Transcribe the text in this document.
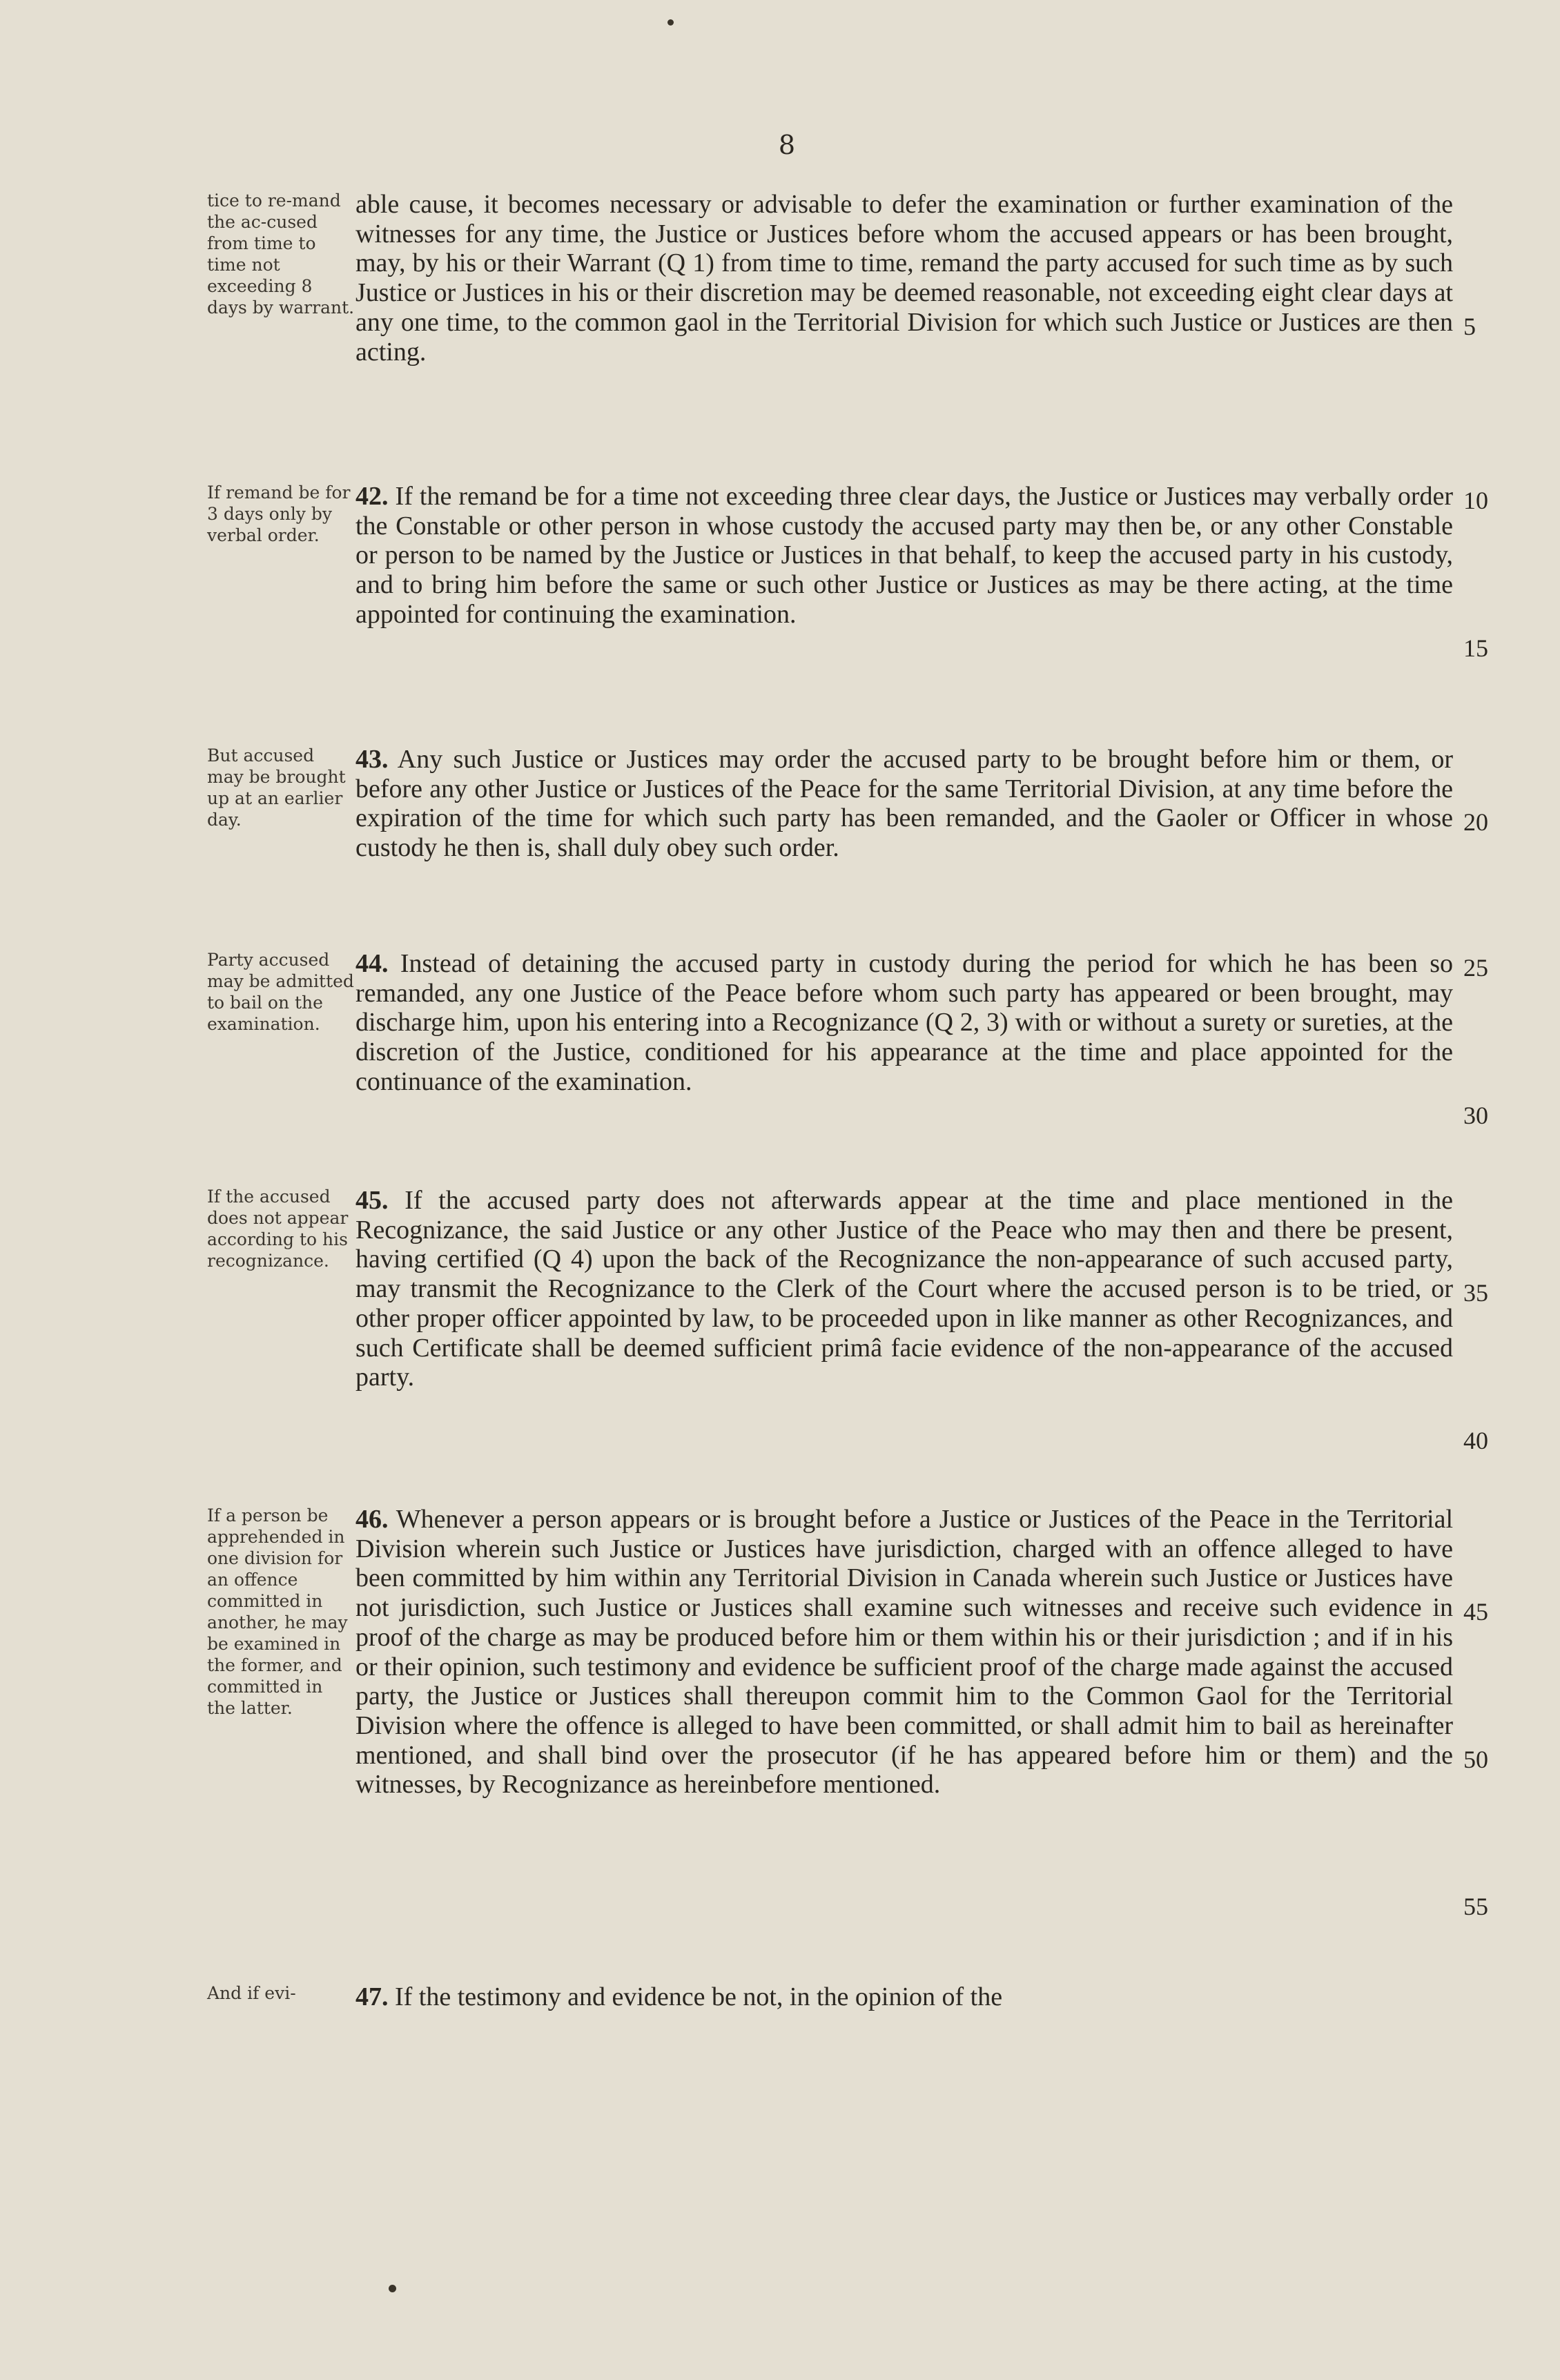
8
tice to re-mand the ac-cused from time to time not exceeding 8 days by warrant.
able cause, it becomes necessary or advisable to defer the examination or further examination of the witnesses for any time, the Justice or Justices before whom the accused appears or has been brought, may, by his or their Warrant (Q 1) from time to time, remand the party accused for such time as by such Justice or Justices in his or their discretion may be deemed reasonable, not exceeding eight clear days at any one time, to the common gaol in the Territorial Division for which such Justice or Justices are then acting.
5
If remand be for 3 days only by verbal order.
42. If the remand be for a time not exceeding three clear days, the Justice or Justices may verbally order the Constable or other person in whose custody the accused party may then be, or any other Constable or person to be named by the Justice or Justices in that behalf, to keep the accused party in his custody, and to bring him before the same or such other Justice or Justices as may be there acting, at the time appointed for continuing the examination.
10
15
But accused may be brought up at an earlier day.
43. Any such Justice or Justices may order the accused party to be brought before him or them, or before any other Justice or Justices of the Peace for the same Territorial Division, at any time before the expiration of the time for which such party has been remanded, and the Gaoler or Officer in whose custody he then is, shall duly obey such order.
20
Party accused may be admitted to bail on the examination.
44. Instead of detaining the accused party in custody during the period for which he has been so remanded, any one Justice of the Peace before whom such party has appeared or been brought, may discharge him, upon his entering into a Recognizance (Q 2, 3) with or without a surety or sureties, at the discretion of the Justice, conditioned for his appearance at the time and place appointed for the continuance of the examination.
25
30
If the accused does not appear according to his recognizance.
45. If the accused party does not afterwards appear at the time and place mentioned in the Recognizance, the said Justice or any other Justice of the Peace who may then and there be present, having certified (Q 4) upon the back of the Recognizance the non-appearance of such accused party, may transmit the Recognizance to the Clerk of the Court where the accused person is to be tried, or other proper officer appointed by law, to be proceeded upon in like manner as other Recognizances, and such Certificate shall be deemed sufficient primâ facie evidence of the non-appearance of the accused party.
35
40
If a person be apprehended in one division for an offence committed in another, he may be examined in the former, and committed in the latter.
46. Whenever a person appears or is brought before a Justice or Justices of the Peace in the Territorial Division wherein such Justice or Justices have jurisdiction, charged with an offence alleged to have been committed by him within any Territorial Division in Canada wherein such Justice or Justices have not jurisdiction, such Justice or Justices shall examine such witnesses and receive such evidence in proof of the charge as may be produced before him or them within his or their jurisdiction ; and if in his or their opinion, such testimony and evidence be sufficient proof of the charge made against the accused party, the Justice or Justices shall thereupon commit him to the Common Gaol for the Territorial Division where the offence is alleged to have been committed, or shall admit him to bail as hereinafter mentioned, and shall bind over the prosecutor (if he has appeared before him or them) and the witnesses, by Recognizance as hereinbefore mentioned.
45
50
55
And if evi-	47. If the testimony and evidence be not, in the opinion of the
